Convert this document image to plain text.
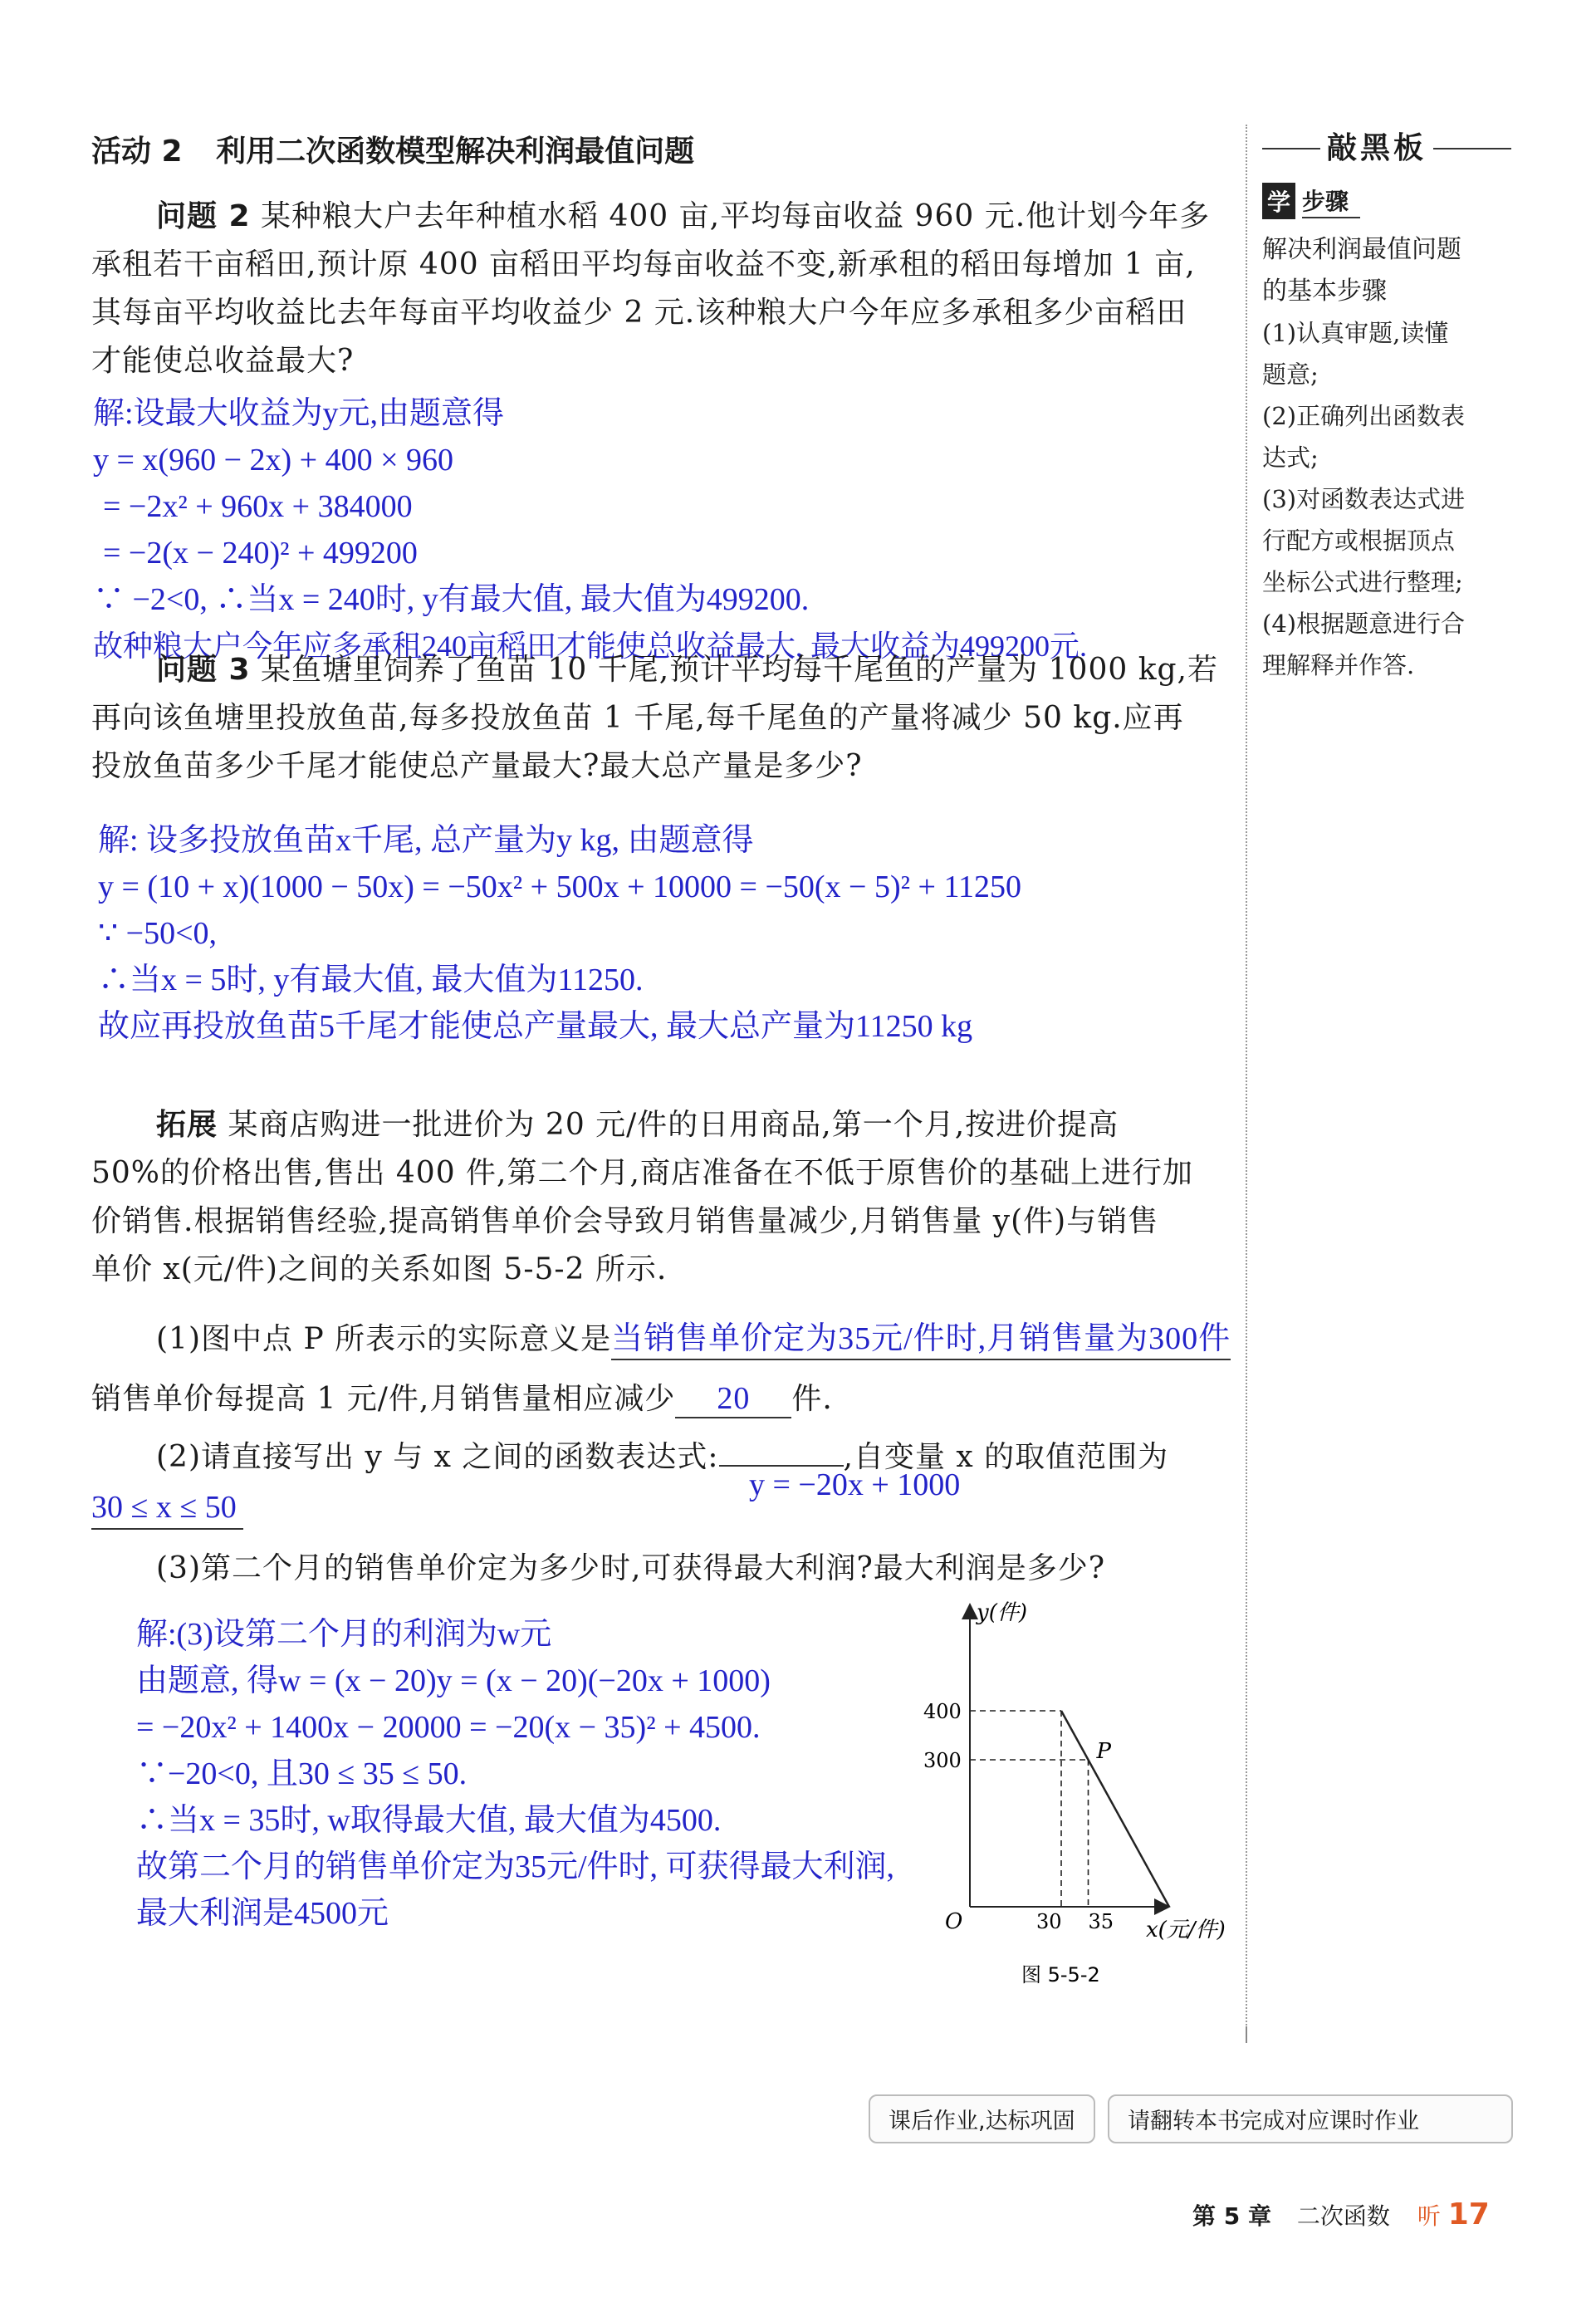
活动 2 利用二次函数模型解决利润最值问题	敲黑板
学 步骤
解决利润最值问题
的基本步骤
(1)认真审题,读懂
题意;
(2)正确列出函数表
达式;
(3)对函数表达式进
行配方或根据顶点
坐标公式进行整理;
(4)根据题意进行合
理解释并作答.
问题 2 某种粮大户去年种植水稻 400 亩,平均每亩收益 960 元.他计划今年多
承租若干亩稻田,预计原 400 亩稻田平均每亩收益不变,新承租的稻田每增加 1 亩,
其每亩平均收益比去年每亩平均收益少 2 元.该种粮大户今年应多承租多少亩稻田
才能使总收益最大?
解:设最大收益为y元,由题意得
y = x(960 − 2x) + 400 × 960
= −2x² + 960x + 384000
= −2(x − 240)² + 499200
∵ −2<0, ∴当x = 240时, y有最大值, 最大值为499200.
故种粮大户今年应多承租240亩稻田才能使总收益最大, 最大收益为499200元.
问题 3 某鱼塘里饲养了鱼苗 10 千尾,预计平均每千尾鱼的产量为 1000 kg,若
再向该鱼塘里投放鱼苗,每多投放鱼苗 1 千尾,每千尾鱼的产量将减少 50 kg.应再
投放鱼苗多少千尾才能使总产量最大?最大总产量是多少?
解: 设多投放鱼苗x千尾, 总产量为y kg, 由题意得
y = (10 + x)(1000 − 50x) = −50x² + 500x + 10000 = −50(x − 5)² + 11250
∵ −50<0,
∴当x = 5时, y有最大值, 最大值为11250.
故应再投放鱼苗5千尾才能使总产量最大, 最大总产量为11250 kg
拓展 某商店购进一批进价为 20 元/件的日用商品,第一个月,按进价提高
50%的价格出售,售出 400 件,第二个月,商店准备在不低于原售价的基础上进行加
价销售.根据销售经验,提高销售单价会导致月销售量减少,月销售量 y(件)与销售
单价 x(元/件)之间的关系如图 5-5-2 所示.
(1)图中点 P 所表示的实际意义是当销售单价定为35元/件时,月销售量为300件
销售单价每提高 1 元/件,月销售量相应减少 20 件.
(2)请直接写出 y 与 x 之间的函数表达式:	,自变量 x 的取值范围为
y = −20x + 1000
30 ≤ x ≤ 50
(3)第二个月的销售单价定为多少时,可获得最大利润?最大利润是多少?
解:(3)设第二个月的利润为w元
由题意, 得w = (x − 20)y = (x − 20)(−20x + 1000)
= −20x² + 1400x − 20000 = −20(x − 35)² + 4500.
∵−20<0, 且30 ≤ 35 ≤ 50.
∴当x = 35时, w取得最大值, 最大值为4500.
故第二个月的销售单价定为35元/件时, 可获得最大利润,
最大利润是4500元
400
300
30 35
y(件)
x(元/件)
O
P
图 5-5-2
课后作业,达标巩固	请翻转本书完成对应课时作业
第 5 章 二次函数 听 17
